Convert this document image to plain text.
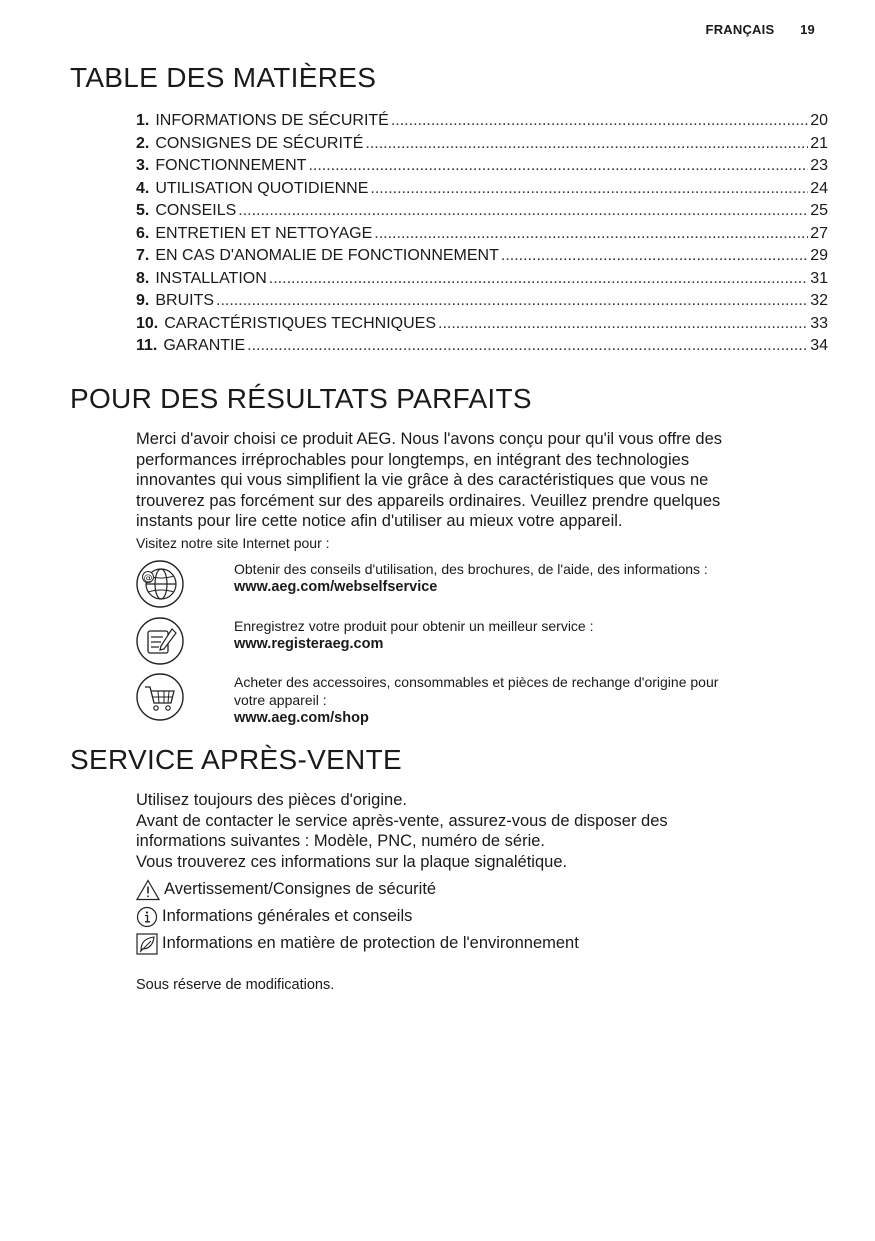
FRANÇAIS 19
TABLE DES MATIÈRES
1. INFORMATIONS DE SÉCURITÉ .....	20
2. CONSIGNES DE SÉCURITÉ .....	21
3. FONCTIONNEMENT .....	23
4. UTILISATION QUOTIDIENNE .....	24
5. CONSEILS .....	25
6. ENTRETIEN ET NETTOYAGE .....	27
7. EN CAS D'ANOMALIE DE FONCTIONNEMENT .....	29
8. INSTALLATION .....	31
9. BRUITS .....	32
10. CARACTÉRISTIQUES TECHNIQUES .....	33
11. GARANTIE .....	34
POUR DES RÉSULTATS PARFAITS
Merci d'avoir choisi ce produit AEG. Nous l'avons conçu pour qu'il vous offre des
performances irréprochables pour longtemps, en intégrant des technologies
innovantes qui vous simplifient la vie grâce à des caractéristiques que vous ne
trouverez pas forcément sur des appareils ordinaires. Veuillez prendre quelques
instants pour lire cette notice afin d'utiliser au mieux votre appareil.
Visitez notre site Internet pour :
@
Obtenir des conseils d'utilisation, des brochures, de l'aide, des informations :
www.aeg.com/webselfservice
Enregistrez votre produit pour obtenir un meilleur service :
www.registeraeg.com
Acheter des accessoires, consommables et pièces de rechange d'origine pour
votre appareil :
www.aeg.com/shop
SERVICE APRÈS-VENTE
Utilisez toujours des pièces d'origine.
Avant de contacter le service après-vente, assurez-vous de disposer des
informations suivantes : Modèle, PNC, numéro de série.
Vous trouverez ces informations sur la plaque signalétique.
Avertissement/Consignes de sécurité
Informations générales et conseils
Informations en matière de protection de l'environnement
Sous réserve de modifications.
